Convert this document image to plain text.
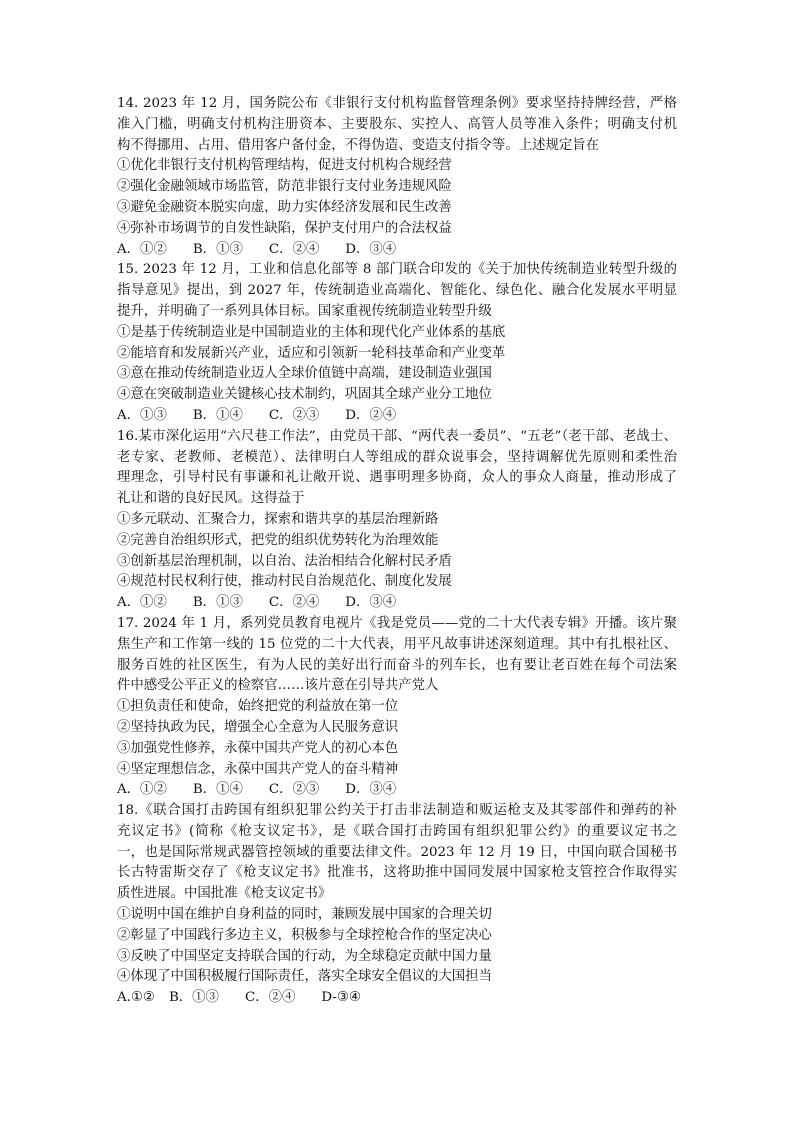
14. 2023 年 12 月，国务院公布《非银行支付机构监督管理条例》要求坚持持牌经营，严格
准入门槛，明确支付机构注册资本、主要股东、实控人、高管人员等准入条件；明确支付机
构不得挪用、占用、借用客户备付金，不得伪造、变造支付指令等。上述规定旨在
①优化非银行支付机构管理结构，促进支付机构合规经营
②强化金融领域市场监管，防范非银行支付业务违规风险
③避免金融资本脱实向虚，助力实体经济发展和民生改善
④弥补市场调节的自发性缺陷，保护支付用户的合法权益
A．①② B．①③ C．②④ D．③④
15. 2023 年 12 月，工业和信息化部等 8 部门联合印发的《关于加快传统制造业转型升级的
指导意见》提出，到 2027 年，传统制造业高端化、智能化、绿色化、融合化发展水平明显
提升，并明确了一系列具体目标。国家重视传统制造业转型升级
①是基于传统制造业是中国制造业的主体和现代化产业体系的基底
②能培育和发展新兴产业，适应和引领新一轮科技革命和产业变革
③意在推动传统制造业迈人全球价值链中高端，建设制造业强国
④意在突破制造业关键核心技术制约，巩固其全球产业分工地位
A．①③ B．①④ C．②③ D．②④
16.某市深化运用“六尺巷工作法”，由党员干部、“两代表一委员”、“五老”（老干部、老战士、
老专家、老教师、老模范）、法律明白人等组成的群众说事会，坚持调解优先原则和柔性治
理理念，引导村民有事谦和礼让敞开说、遇事明理多协商，众人的事众人商量，推动形成了
礼让和谐的良好民风。这得益于
①多元联动、汇聚合力，探索和谐共享的基层治理新路
②完善自治组织形式，把党的组织优势转化为治理效能
③创新基层治理机制，以自治、法治相结合化解村民矛盾
④规范村民权利行使，推动村民自治规范化、制度化发展
A．①② B．①③ C．②④ D．③④
17. 2024 年 1 月，系列党员教育电视片《我是党员——党的二十大代表专辑》开播。该片聚
焦生产和工作第一线的 15 位党的二十大代表，用平凡故事讲述深刻道理。其中有扎根社区、
服务百姓的社区医生，有为人民的美好出行而奋斗的列车长，也有要让老百姓在每个司法案
件中感受公平正义的检察官……该片意在引导共产党人
①担负责任和使命，始终把党的利益放在第一位
②坚持执政为民，增强全心全意为人民服务意识
③加强党性修养，永葆中国共产党人的初心本色
④坚定理想信念，永葆中国共产党人的奋斗精神
A．①② B．①④ C．②③ D．③④
18.《联合国打击跨国有组织犯罪公约关于打击非法制造和贩运枪支及其零部件和弹药的补
充议定书》(简称《枪支议定书》，是《联合国打击跨国有组织犯罪公约》的重要议定书之
一，也是国际常规武器管控领域的重要法律文件。2023 年 12 月 19 日，中国向联合国秘书
长古特雷斯交存了《枪支议定书》批准书，这将助推中国同发展中国家枪支管控合作取得实
质性进展。中国批准《枪支议定书》
①说明中国在维护自身利益的同时，兼顾发展中国家的合理关切
②彰显了中国践行多边主义，积极参与全球控枪合作的坚定决心
③反映了中国坚定支持联合国的行动，为全球稳定贡献中国力量
④体现了中国积极履行国际责任，落实全球安全倡议的大国担当
A.①② B．①③ C．②④ D-③④
